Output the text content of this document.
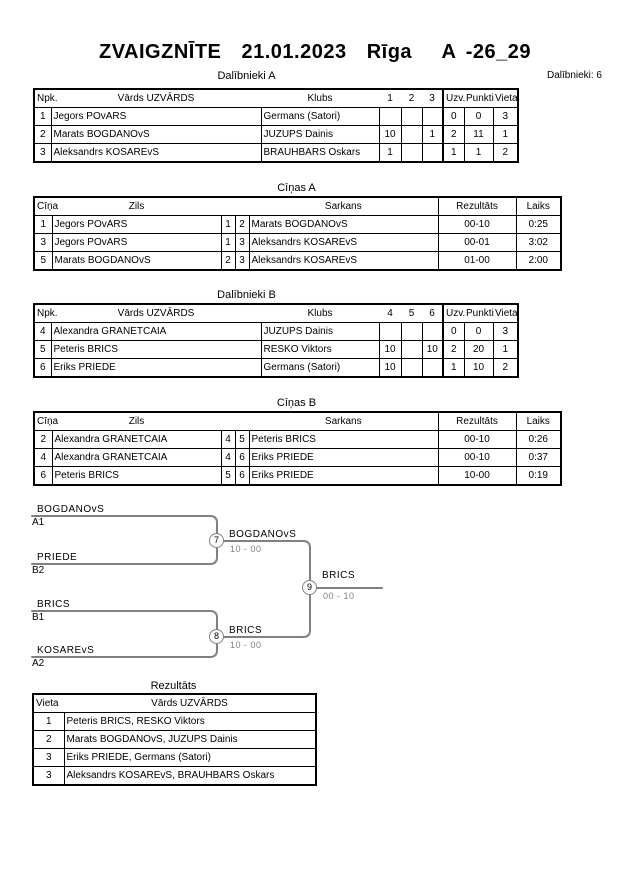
ZVAIGZNĪTE  21.01.2023  Rīga   A -26_29
Dalībnieki: 6
Dalībnieki A
Npk.	Vārds UZVĀRDS	Klubs	1	2	3	Uzv.	Punkti	Vieta
1	Jegors POvARS	Germans (Satori)				0	0	3
2	Marats BOGDANOvS	JUZUPS Dainis	10		1	2	11	1
3	Aleksandrs KOSAREvS	BRAUHBARS Oskars	1			1	1	2
Cīņas A
Cīņa	Zils			Sarkans	Rezultāts	Laiks
1	Jegors POvARS	1	2	Marats BOGDANOvS	00-10	0:25
3	Jegors POvARS	1	3	Aleksandrs KOSAREvS	00-01	3:02
5	Marats BOGDANOvS	2	3	Aleksandrs KOSAREvS	01-00	2:00
Dalībnieki B
Npk.	Vārds UZVĀRDS	Klubs	4	5	6	Uzv.	Punkti	Vieta
4	Alexandra GRANETCAIA	JUZUPS Dainis				0	0	3
5	Peteris BRICS	RESKO Viktors	10		10	2	20	1
6	Eriks PRIEDE	Germans (Satori)	10			1	10	2
Cīņas B
Cīņa	Zils			Sarkans	Rezultāts	Laiks
2	Alexandra GRANETCAIA	4	5	Peteris BRICS	00-10	0:26
4	Alexandra GRANETCAIA	4	6	Eriks PRIEDE	00-10	0:37
6	Peteris BRICS	5	6	Eriks PRIEDE	10-00	0:19
BOGDANOvS
A1
PRIEDE
B2
BRICS
B1
KOSAREvS
A2
7	BOGDANOvS
10 - 00
8	BRICS
10 - 00
9
BRICS
00 - 10
Rezultāts
Vieta	Vārds UZVĀRDS
1	Peteris BRICS, RESKO Viktors
2	Marats BOGDANOvS, JUZUPS Dainis
3	Eriks PRIEDE, Germans (Satori)
3	Aleksandrs KOSAREvS, BRAUHBARS Oskars
